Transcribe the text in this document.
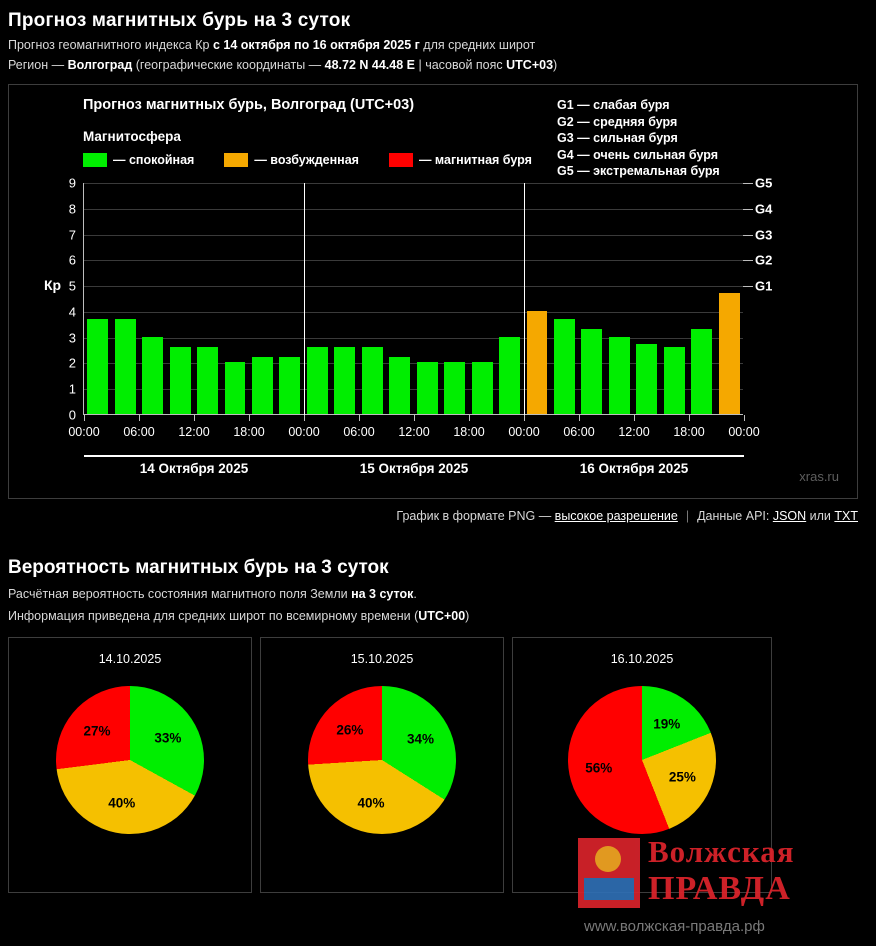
Прогноз магнитных бурь на 3 суток
Прогноз геомагнитного индекса Кр с 14 октября по 16 октября 2025 г для средних широт
Регион — Волгоград (географические координаты — 48.72 N 44.48 E | часовой пояс UTC+03)
Прогноз магнитных бурь, Волгоград (UTC+03)
Магнитосфера
— спокойная	— возбужденная	— магнитная буря
G1 — слабая буря
G2 — средняя буря
G3 — сильная буря
G4 — очень сильная буря
G5 — экстремальная буря
Кр
0
1
2
3
4
5
6
7
8
9
G1
G2
G3
G4
G5
00:00 06:00 12:00 18:00 00:00 06:00 12:00 18:00 00:00 06:00 12:00 18:00 00:00
14 Октября 2025	15 Октября 2025	16 Октября 2025
xras.ru
График в формате PNG — высокое разрешение | Данные API: JSON или TXT
Вероятность магнитных бурь на 3 суток
Расчётная вероятность состояния магнитного поля Земли на 3 суток.
Информация приведена для средних широт по всемирному времени (UTC+00)
14.10.2025
33%
40%
27%
15.10.2025
34%
40%
26%
16.10.2025
19%
25%
56%
Волжская
ПРАВДА
www.волжская-правда.рф
